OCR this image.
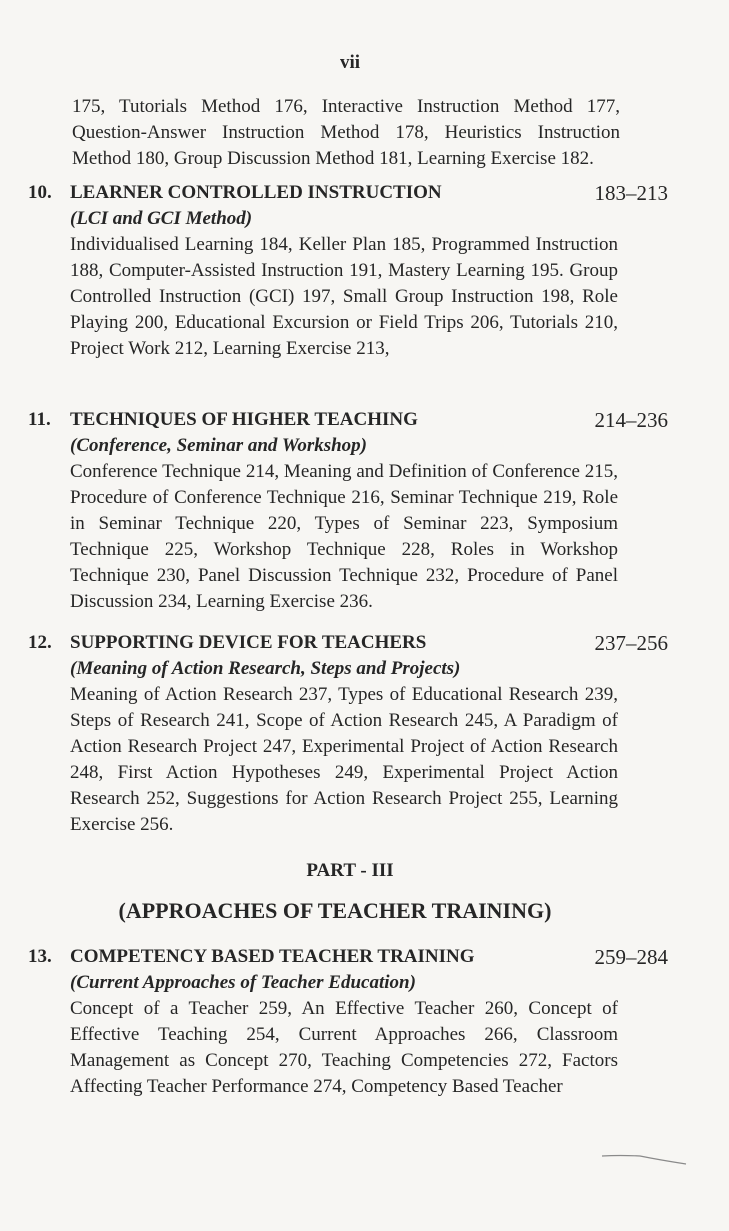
vii
175, Tutorials Method 176, Interactive Instruction Method 177, Question-Answer Instruction Method 178, Heuristics Instruction Method 180, Group Discussion Method 181, Learning Exercise 182.
10. LEARNER CONTROLLED INSTRUCTION	183–213
(LCI and GCI Method)
Individualised Learning 184, Keller Plan 185, Programmed Instruction 188, Computer-Assisted Instruction 191, Mastery Learning 195. Group Controlled Instruction (GCI) 197, Small Group Instruction 198, Role Playing 200, Educational Excursion or Field Trips 206, Tutorials 210, Project Work 212, Learning Exercise 213,
11.	TECHNIQUES OF HIGHER TEACHING	214–236
(Conference, Seminar and Workshop)
Conference Technique 214, Meaning and Definition of Conference 215, Procedure of Conference Technique 216, Seminar Technique 219, Role in Seminar Technique 220, Types of Seminar 223, Symposium Technique 225, Workshop Technique 228, Roles in Workshop Technique 230, Panel Discussion Technique 232, Procedure of Panel Discussion 234, Learning Exercise 236.
12. SUPPORTING DEVICE FOR TEACHERS	237–256
(Meaning of Action Research, Steps and Projects)
Meaning of Action Research 237, Types of Educational Research 239, Steps of Research 241, Scope of Action Research 245, A Paradigm of Action Research Project 247, Experimental Project of Action Research 248, First Action Hypotheses 249, Experimental Project Action Research 252, Suggestions for Action Research Project 255, Learning Exercise 256.
PART - III
(APPROACHES OF TEACHER TRAINING)
13. COMPETENCY BASED TEACHER TRAINING	259–284
(Current Approaches of Teacher Education)
Concept of a Teacher 259, An Effective Teacher 260, Concept of Effective Teaching 254, Current Approaches 266, Classroom Management as Concept 270, Teaching Competencies 272, Factors Affecting Teacher Performance 274, Competency Based Teacher
